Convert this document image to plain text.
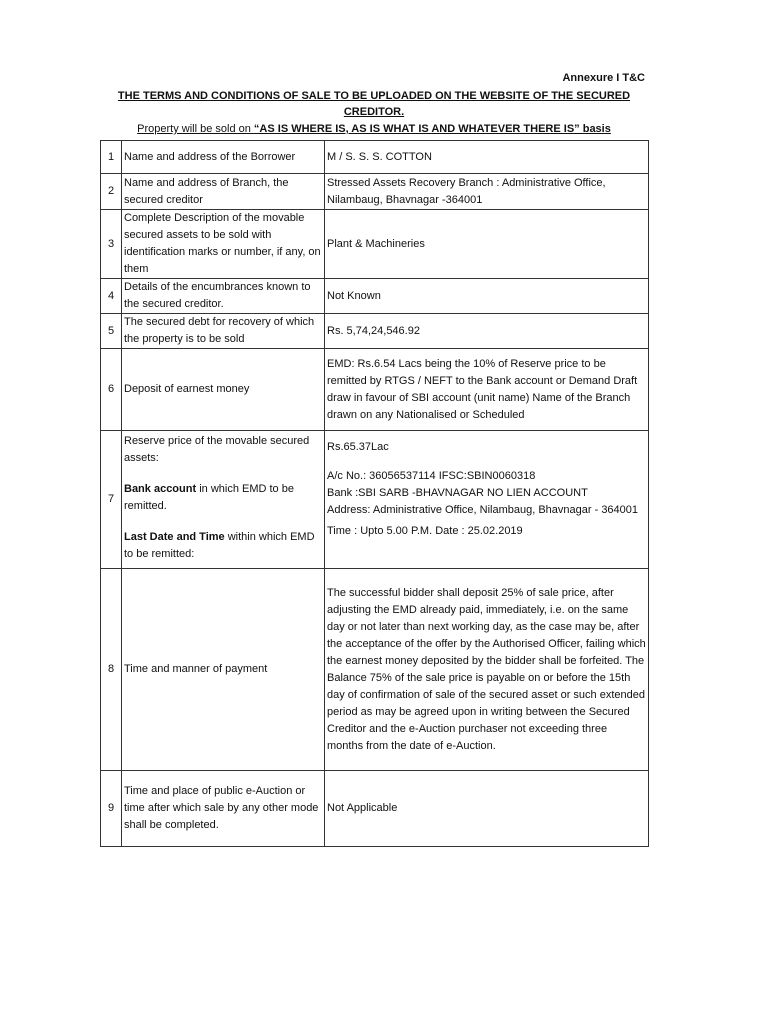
Annexure I T&C
THE TERMS AND CONDITIONS OF SALE TO BE UPLOADED ON THE WEBSITE OF THE SECURED
CREDITOR.
Property will be sold on “AS IS WHERE IS, AS IS WHAT IS AND WHATEVER THERE IS” basis
1	Name and address of the Borrower	M / S. S. S. COTTON
2	Name and address of Branch, the secured creditor	Stressed Assets Recovery Branch : Administrative Office, Nilambaug, Bhavnagar -364001
3	Complete Description of the movable secured assets to be sold with identification marks or number, if any, on them	Plant & Machineries
4	Details of the encumbrances known to the secured creditor.	Not Known
5	The secured debt for recovery of which the property is to be sold	Rs. 5,74,24,546.92
6	Deposit of earnest money	EMD: Rs.6.54 Lacs being the 10% of Reserve price to be remitted by RTGS / NEFT to the Bank account or Demand Draft draw in favour of SBI account (unit name) Name of the Branch drawn on any Nationalised or Scheduled
7	Reserve price of the movable secured assets:
Bank account in which EMD to be remitted.
Last Date and Time within which EMD to be remitted:	Rs.65.37Lac
A/c No.: 36056537114 IFSC:SBIN0060318
Bank :SBI SARB -BHAVNAGAR NO LIEN ACCOUNT
Address: Administrative Office, Nilambaug, Bhavnagar - 364001
Time : Upto 5.00 P.M. Date : 25.02.2019

8	Time and manner of payment	The successful bidder shall deposit 25% of sale price, after adjusting the EMD already paid, immediately, i.e. on the same day or not later than next working day, as the case may be, after the acceptance of the offer by the Authorised Officer, failing which the earnest money deposited by the bidder shall be forfeited. The Balance 75% of the sale price is payable on or before the 15th day of confirmation of sale of the secured asset or such extended period as may be agreed upon in writing between the Secured Creditor and the e-Auction purchaser not exceeding three months from the date of e-Auction.
9	Time and place of public e-Auction or time after which sale by any other mode shall be completed.	Not Applicable
